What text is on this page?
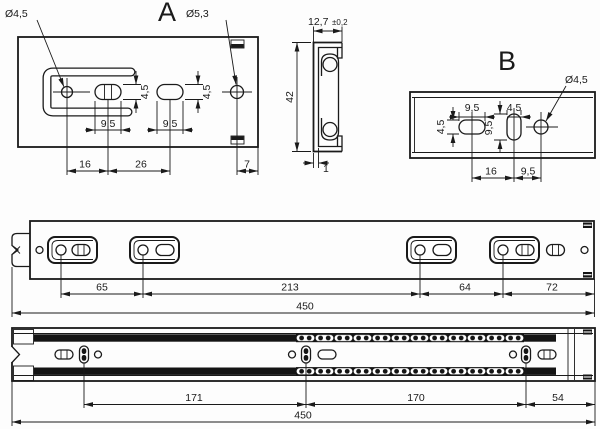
A
Ø4,5	Ø5,3
4,5	4,5
9,5	9,5
16	26	7
12,7 ±0,2
42
1
B
Ø4,5
9,5	4,5
4,5	9,5
16 9,5
65	213	64	72
450
171	170	54
450
